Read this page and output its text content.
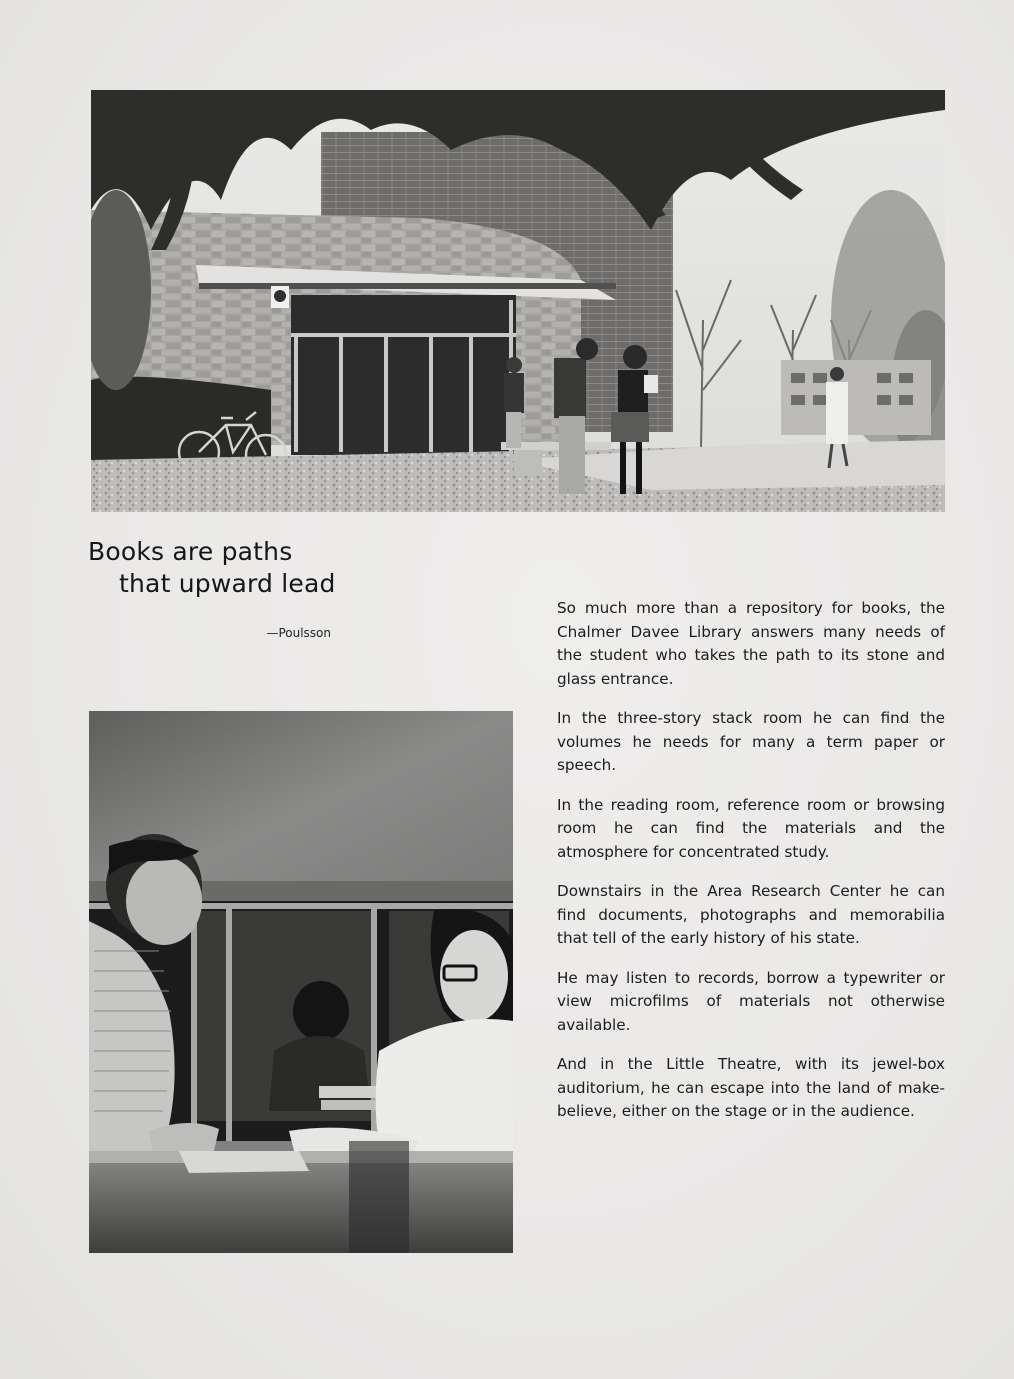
Books are paths
that upward lead
—Poulsson

So much more than a repository for books, the Chalmer Davee Library answers many needs of the student who takes the path to its stone and glass entrance.

In the three-story stack room he can find the volumes he needs for many a term paper or speech.

In the reading room, reference room or browsing room he can find the materials and the atmosphere for concentrated study.

Downstairs in the Area Research Center he can find documents, photographs and memorabilia that tell of the early history of his state.

He may listen to records, borrow a typewriter or view microfilms of materials not otherwise available.

And in the Little Theatre, with its jewel-box auditorium, he can escape into the land of make-believe, either on the stage or in the audience.
